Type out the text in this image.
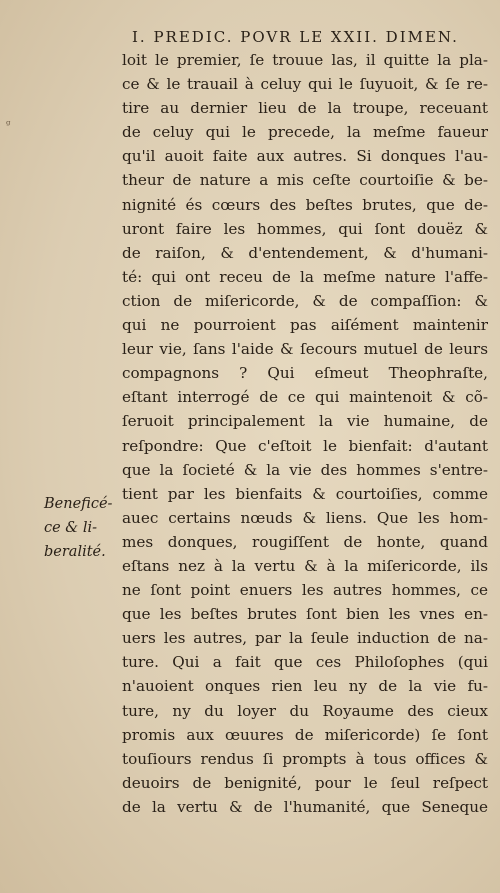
I. PREDIC. POVR LE XXII. DIMEN.
ᵍ
Beneficé-
ce & li-
beralité.
loit le premier, ſe trouue las, il quitte la pla-
ce & le trauail à celuy qui le ſuyuoit, & ſe re-
tire au dernier lieu de la troupe, receuant
de celuy qui le precede, la meſme faueur
qu'il auoit faite aux autres. Si donques l'au-
theur de nature a mis ceſte courtoiſie & be-
nignité és cœurs des beſtes brutes, que de-
uront faire les hommes, qui ſont douëz &
de raiſon, & d'entendement, & d'humani-
té: qui ont receu de la meſme nature l'affe-
ction de miſericorde, & de compaſſion: &
qui ne pourroient pas aiſément maintenir
leur vie, ſans l'aide & ſecours mutuel de leurs
compagnons ? Qui eſmeut Theophraſte,
eſtant interrogé de ce qui maintenoit & cõ-
ſeruoit principalement la vie humaine, de
reſpondre: Que c'eſtoit le bienfait: d'autant
que la ſocieté & la vie des hommes s'entre-
tient par les bienfaits & courtoiſies, comme
auec certains nœuds & liens. Que les hom-
mes donques, rougiſſent de honte, quand
eſtans nez à la vertu & à la miſericorde, ils
ne ſont point enuers les autres hommes, ce
que les beſtes brutes ſont bien les vnes en-
uers les autres, par la ſeule induction de na-
ture. Qui a fait que ces Philoſophes (qui
n'auoient onques rien leu ny de la vie fu-
ture, ny du loyer du Royaume des cieux
promis aux œuures de miſericorde) ſe ſont
touſiours rendus ſi prompts à tous offices &
deuoirs de benignité, pour le ſeul reſpect
de la vertu & de l'humanité, que Seneque
